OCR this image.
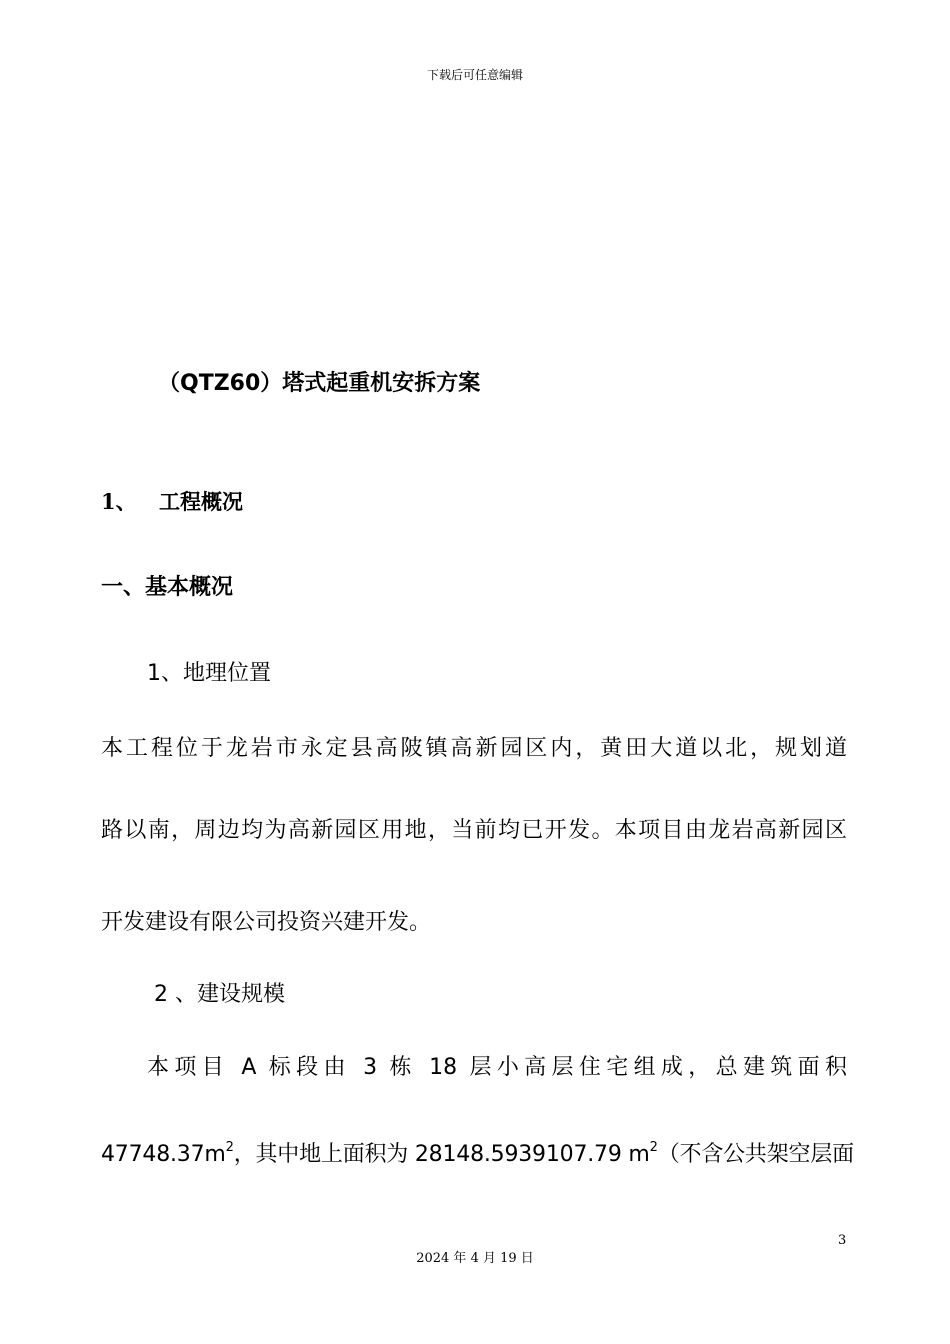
下载后可任意编辑
（QTZ60）塔式起重机安拆方案
1、 工程概况
一、基本概况
1、地理位置
本工程位于龙岩市永定县高陂镇高新园区内，黄田大道以北，规划道
路以南，周边均为高新园区用地，当前均已开发。本项目由龙岩高新园区
开发建设有限公司投资兴建开发。
2 、建设规模
本项目 A 标段由 3 栋 18 层小高层住宅组成，总建筑面积
$47748.37m^2$，其中地上面积为 28148.5939107.79 $m^2$（不含公共架空层面
3
2024 年 4 月 19 日
